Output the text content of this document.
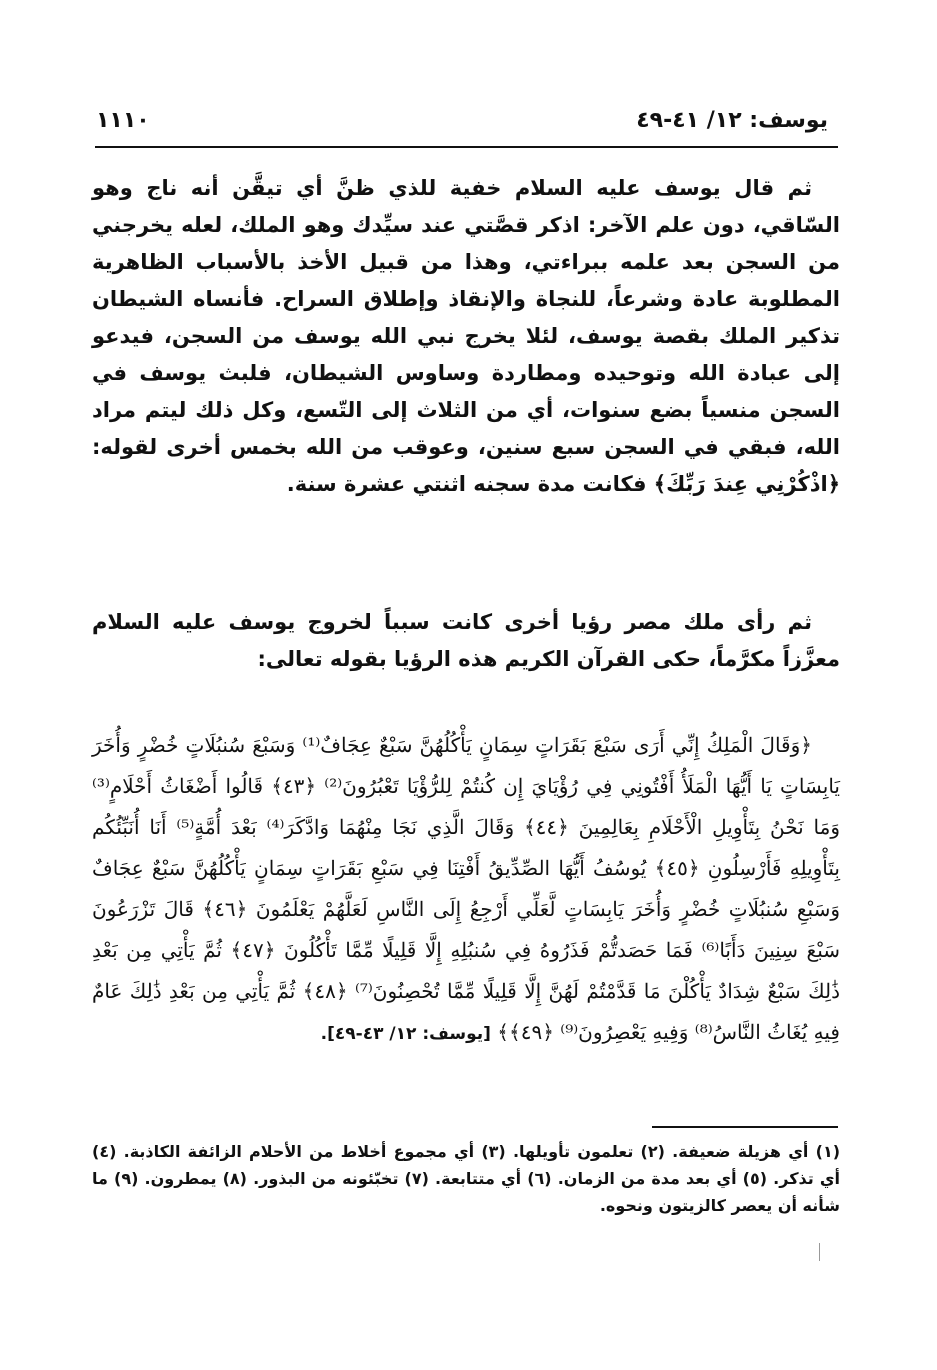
يوسف: ١٢/ ٤١-٤٩
١١١٠
ثم قال يوسف عليه السلام خفية للذي ظنَّ أي تيقَّن أنه ناج وهو السّاقي، دون علم الآخر: اذكر قصَّتي عند سيِّدك وهو الملك، لعله يخرجني من السجن بعد علمه ببراءتي، وهذا من قبيل الأخذ بالأسباب الظاهرية المطلوبة عادة وشرعاً، للنجاة والإنقاذ وإطلاق السراح. فأنساه الشيطان تذكير الملك بقصة يوسف، لئلا يخرج نبي الله يوسف من السجن، فيدعو إلى عبادة الله وتوحيده ومطاردة وساوس الشيطان، فلبث يوسف في السجن منسياً بضع سنوات، أي من الثلاث إلى التّسع، وكل ذلك ليتم مراد الله، فبقي في السجن سبع سنين، وعوقب من الله بخمس أخرى لقوله: ﴿اذْكُرْنِي عِندَ رَبِّكَ﴾ فكانت مدة سجنه اثنتي عشرة سنة.
ثم رأى ملك مصر رؤيا أخرى كانت سبباً لخروج يوسف عليه السلام معزَّزاً مكرَّماً، حكى القرآن الكريم هذه الرؤيا بقوله تعالى:
﴿وَقَالَ الْمَلِكُ إِنِّي أَرَى سَبْعَ بَقَرَاتٍ سِمَانٍ يَأْكُلُهُنَّ سَبْعٌ عِجَافٌ⁽¹⁾ وَسَبْعَ سُنبُلَاتٍ خُضْرٍ وَأُخَرَ يَابِسَاتٍ يَا أَيُّهَا الْمَلَأُ أَفْتُونِي فِي رُؤْيَايَ إِن كُنتُمْ لِلرُّؤْيَا تَعْبُرُونَ⁽²⁾ ﴿٤٣﴾ قَالُوا أَضْغَاثُ أَحْلَامٍ⁽³⁾ وَمَا نَحْنُ بِتَأْوِيلِ الْأَحْلَامِ بِعَالِمِينَ ﴿٤٤﴾ وَقَالَ الَّذِي نَجَا مِنْهُمَا وَادَّكَرَ⁽⁴⁾ بَعْدَ أُمَّةٍ⁽⁵⁾ أَنَا أُنَبِّئُكُم بِتَأْوِيلِهِ فَأَرْسِلُونِ ﴿٤٥﴾ يُوسُفُ أَيُّهَا الصِّدِّيقُ أَفْتِنَا فِي سَبْعِ بَقَرَاتٍ سِمَانٍ يَأْكُلُهُنَّ سَبْعٌ عِجَافٌ وَسَبْعِ سُنبُلَاتٍ خُضْرٍ وَأُخَرَ يَابِسَاتٍ لَّعَلِّي أَرْجِعُ إِلَى النَّاسِ لَعَلَّهُمْ يَعْلَمُونَ ﴿٤٦﴾ قَالَ تَزْرَعُونَ سَبْعَ سِنِينَ دَأَبًا⁽⁶⁾ فَمَا حَصَدتُّمْ فَذَرُوهُ فِي سُنبُلِهِ إِلَّا قَلِيلًا مِّمَّا تَأْكُلُونَ ﴿٤٧﴾ ثُمَّ يَأْتِي مِن بَعْدِ ذَٰلِكَ سَبْعٌ شِدَادٌ يَأْكُلْنَ مَا قَدَّمْتُمْ لَهُنَّ إِلَّا قَلِيلًا مِّمَّا تُحْصِنُونَ⁽⁷⁾ ﴿٤٨﴾ ثُمَّ يَأْتِي مِن بَعْدِ ذَٰلِكَ عَامٌ فِيهِ يُغَاثُ النَّاسُ⁽⁸⁾ وَفِيهِ يَعْصِرُونَ⁽⁹⁾ ﴿٤٩﴾﴾ [يوسف: ١٢/ ٤٣-٤٩].
(١) أي هزيلة ضعيفة. (٢) تعلمون تأويلها. (٣) أي مجموع أخلاط من الأحلام الزائفة الكاذبة. (٤) أي تذكر. (٥) أي بعد مدة من الزمان. (٦) أي متتابعة. (٧) تخبّئونه من البذور. (٨) يمطرون. (٩) ما شأنه أن يعصر كالزيتون ونحوه.
